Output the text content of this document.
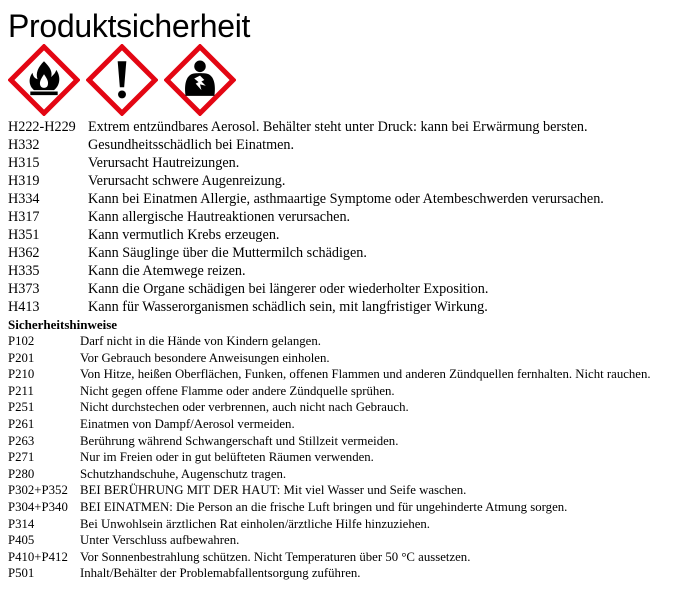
Produktsicherheit
H222-H229 Extrem entzündbares Aerosol. Behälter steht unter Druck: kann bei Erwärmung bersten.
H332	Gesundheitsschädlich bei Einatmen.
H315	Verursacht Hautreizungen.
H319	Verursacht schwere Augenreizung.
H334	Kann bei Einatmen Allergie, asthmaartige Symptome oder Atembeschwerden verursachen.
H317	Kann allergische Hautreaktionen verursachen.
H351	Kann vermutlich Krebs erzeugen.
H362	Kann Säuglinge über die Muttermilch schädigen.
H335	Kann die Atemwege reizen.
H373	Kann die Organe schädigen bei längerer oder wiederholter Exposition.
H413	Kann für Wasserorganismen schädlich sein, mit langfristiger Wirkung.
Sicherheitshinweise
P102	Darf nicht in die Hände von Kindern gelangen.
P201	Vor Gebrauch besondere Anweisungen einholen.
P210	Von Hitze, heißen Oberflächen, Funken, offenen Flammen und anderen Zündquellen fernhalten. Nicht rauchen.
P211	Nicht gegen offene Flamme oder andere Zündquelle sprühen.
P251	Nicht durchstechen oder verbrennen, auch nicht nach Gebrauch.
P261	Einatmen von Dampf/Aerosol vermeiden.
P263	Berührung während Schwangerschaft und Stillzeit vermeiden.
P271	Nur im Freien oder in gut belüfteten Räumen verwenden.
P280	Schutzhandschuhe, Augenschutz tragen.
P302+P352 BEI BERÜHRUNG MIT DER HAUT: Mit viel Wasser und Seife waschen.
P304+P340 BEI EINATMEN: Die Person an die frische Luft bringen und für ungehinderte Atmung sorgen.
P314	Bei Unwohlsein ärztlichen Rat einholen/ärztliche Hilfe hinzuziehen.
P405	Unter Verschluss aufbewahren.
P410+P412 Vor Sonnenbestrahlung schützen. Nicht Temperaturen über 50 °C aussetzen.
P501	Inhalt/Behälter der Problemabfallentsorgung zuführen.
